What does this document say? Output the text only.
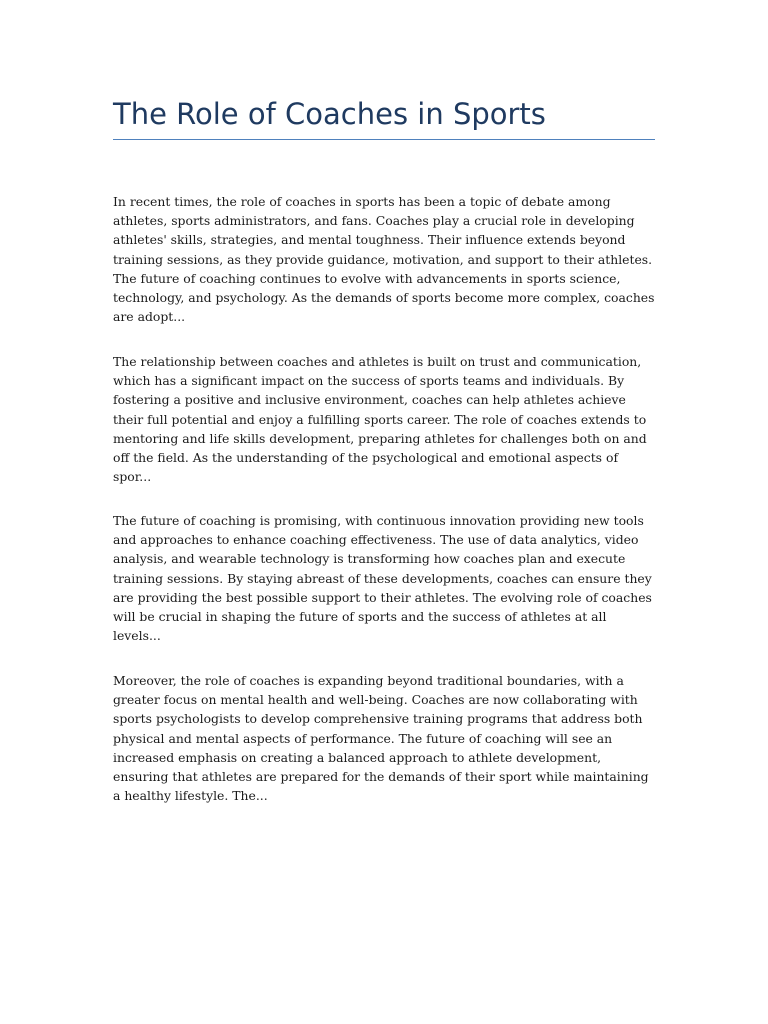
The Role of Coaches in Sports

In recent times, the role of coaches in sports has been a topic of debate among athletes, sports administrators, and fans. Coaches play a crucial role in developing athletes' skills, strategies, and mental toughness. Their influence extends beyond training sessions, as they provide guidance, motivation, and support to their athletes. The future of coaching continues to evolve with advancements in sports science, technology, and psychology. As the demands of sports become more complex, coaches are adopt...

The relationship between coaches and athletes is built on trust and communication, which has a significant impact on the success of sports teams and individuals. By fostering a positive and inclusive environment, coaches can help athletes achieve their full potential and enjoy a fulfilling sports career. The role of coaches extends to mentoring and life skills development, preparing athletes for challenges both on and off the field. As the understanding of the psychological and emotional aspects of spor...

The future of coaching is promising, with continuous innovation providing new tools and approaches to enhance coaching effectiveness. The use of data analytics, video analysis, and wearable technology is transforming how coaches plan and execute training sessions. By staying abreast of these developments, coaches can ensure they are providing the best possible support to their athletes. The evolving role of coaches will be crucial in shaping the future of sports and the success of athletes at all levels...

Moreover, the role of coaches is expanding beyond traditional boundaries, with a greater focus on mental health and well-being. Coaches are now collaborating with sports psychologists to develop comprehensive training programs that address both physical and mental aspects of performance. The future of coaching will see an increased emphasis on creating a balanced approach to athlete development, ensuring that athletes are prepared for the demands of their sport while maintaining a healthy lifestyle. The...
